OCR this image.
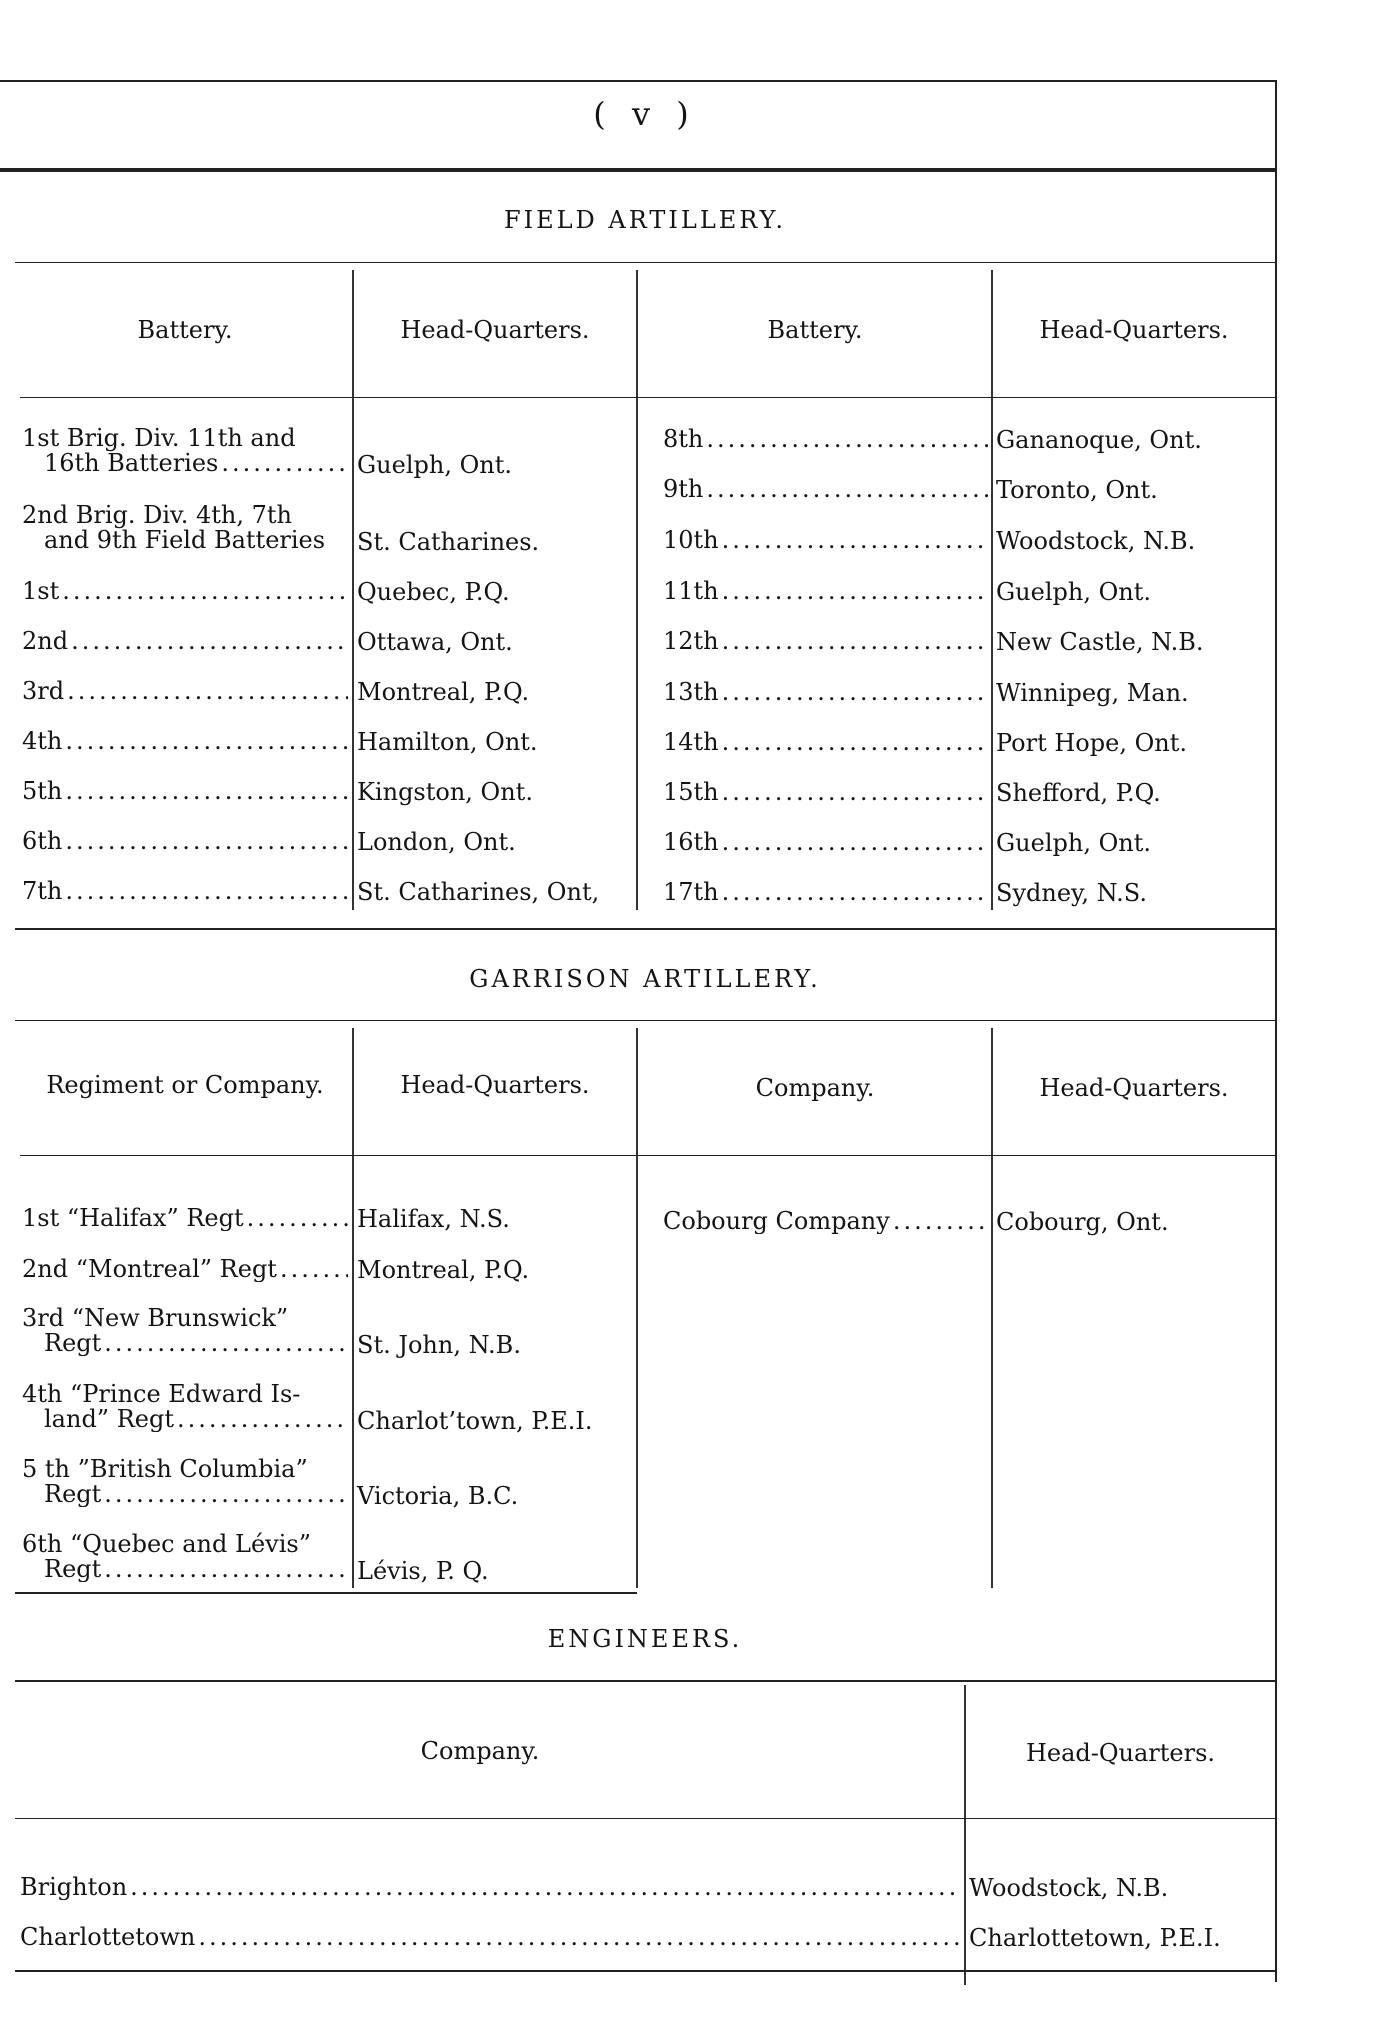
( v )
FIELD ARTILLERY.
Battery.	Head-Quarters.	Battery.	Head-Quarters.
1st Brig. Div. 11th and
16th Batteries .....	Guelph, Ont.
2nd Brig. Div. 4th, 7th
and 9th Field Batteries	St. Catharines.
1st .....	Quebec, P.Q.
2nd .....	Ottawa, Ont.
3rd .....	Montreal, P.Q.
4th .....	Hamilton, Ont.
5th .....	Kingston, Ont.
6th .....	London, Ont.
7th .....	St. Catharines, Ont,
8th .....	Gananoque, Ont.
9th .....	Toronto, Ont.
10th .....	Woodstock, N.B.
11th .....	Guelph, Ont.
12th .....	New Castle, N.B.
13th .....	Winnipeg, Man.
14th .....	Port Hope, Ont.
15th .....	Shefford, P.Q.
16th .....	Guelph, Ont.
17th .....	Sydney, N.S.
GARRISON ARTILLERY.
Regiment or Company.	Head-Quarters.	Company.	Head-Quarters.
1st “Halifax” Regt .....	Halifax, N.S.
2nd “Montreal” Regt .....	Montreal, P.Q.
3rd “New Brunswick”
Regt .....	St. John, N.B.
4th “Prince Edward Is-
land” Regt .....	Charlot’town, P.E.I.
5 th ”British Columbia”
Regt .....	Victoria, B.C.
6th “Quebec and Lévis”
Regt .....	Lévis, P. Q.
Cobourg Company .....	Cobourg, Ont.
ENGINEERS.
Company.	Head-Quarters.
Brighton .....	Woodstock, N.B.
Charlottetown .....	Charlottetown, P.E.I.
